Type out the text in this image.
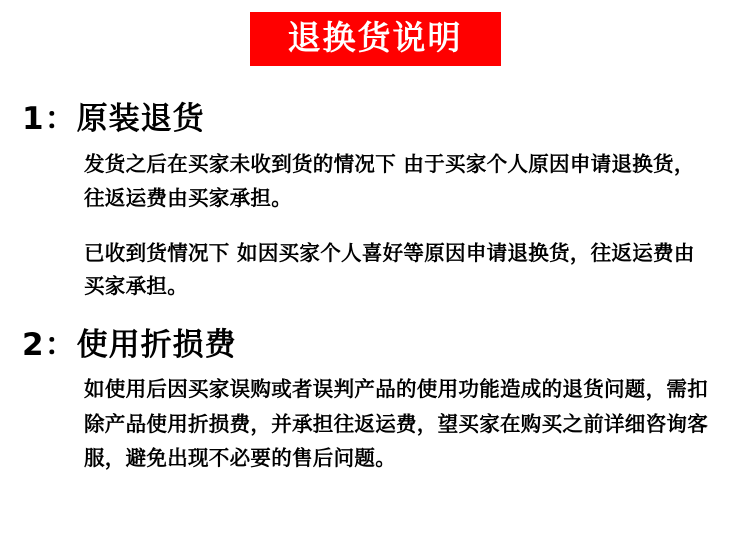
退换货说明
1：原装退货

发货之后在买家未收到货的情况下 由于买家个人原因申请退换货，往返运费由买家承担。

已收到货情况下 如因买家个人喜好等原因申请退换货，往返运费由买家承担。

2：使用折损费

如使用后因买家误购或者误判产品的使用功能造成的退货问题，需扣除产品使用折损费，并承担往返运费，望买家在购买之前详细咨询客服，避免出现不必要的售后问题。
